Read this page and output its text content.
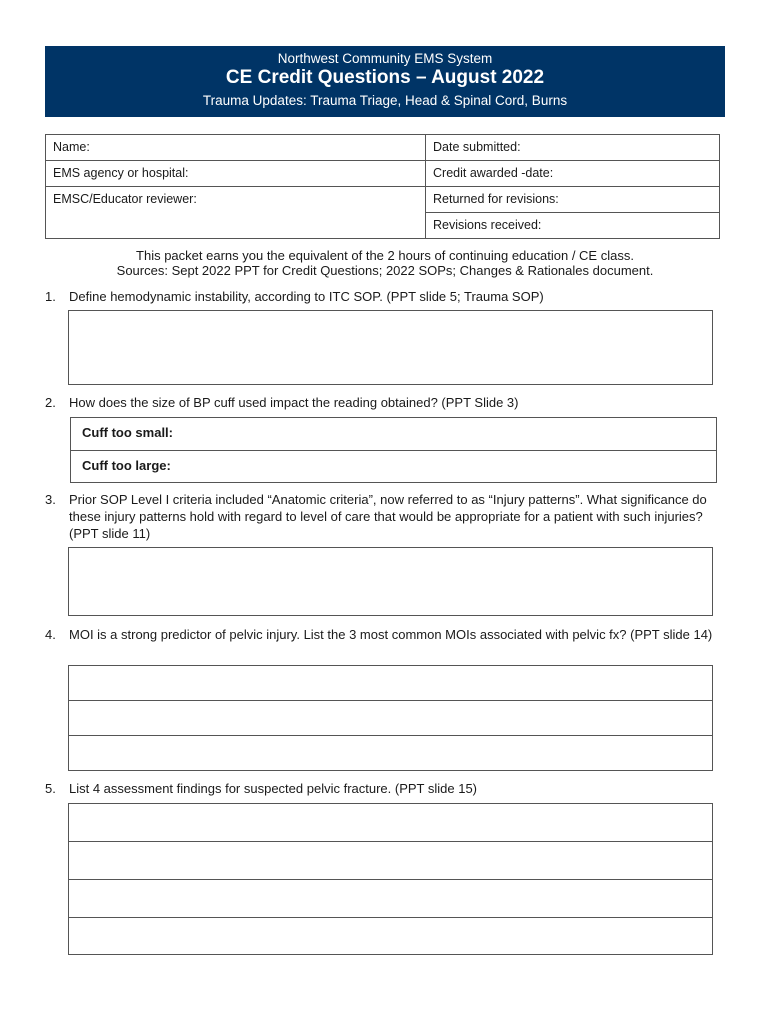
Northwest Community EMS System
CE Credit Questions – August 2022
Trauma Updates: Trauma Triage, Head & Spinal Cord, Burns
Name:
EMS agency or hospital:
EMSC/Educator reviewer:
Date submitted:
Credit awarded -date:
Returned for revisions:
Revisions received:
This packet earns you the equivalent of the 2 hours of continuing education / CE class.
Sources: Sept 2022 PPT for Credit Questions; 2022 SOPs; Changes & Rationales document.
1. Define hemodynamic instability, according to ITC SOP. (PPT slide 5; Trauma SOP)
2. How does the size of BP cuff used impact the reading obtained? (PPT Slide 3)
Cuff too small:
Cuff too large:
3. Prior SOP Level I criteria included “Anatomic criteria”, now referred to as “Injury patterns”. What significance do these injury patterns hold with regard to level of care that would be appropriate for a patient with such injuries? (PPT slide 11)
4. MOI is a strong predictor of pelvic injury. List the 3 most common MOIs associated with pelvic fx? (PPT slide 14)
5. List 4 assessment findings for suspected pelvic fracture. (PPT slide 15)
